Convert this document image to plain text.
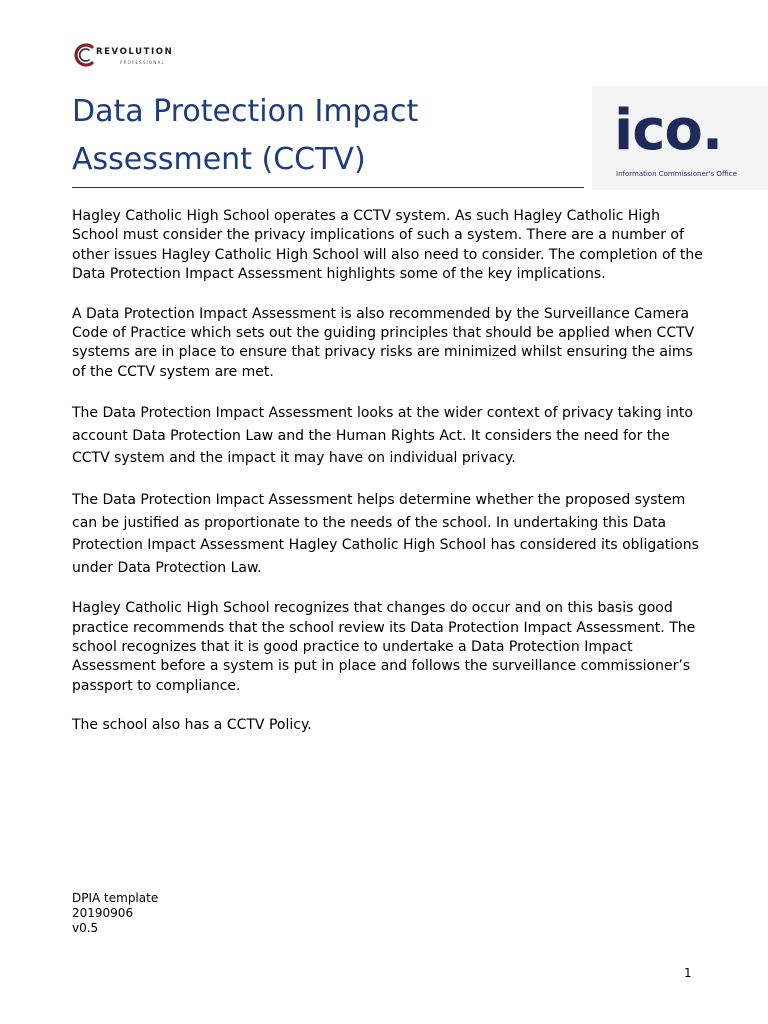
REVOLUTION
PROFESSIONAL
Data Protection Impact Assessment (CCTV)	ico.
Information Commissioner's Office

Hagley Catholic High School operates a CCTV system. As such Hagley Catholic High School must consider the privacy implications of such a system. There are a number of other issues Hagley Catholic High School will also need to consider. The completion of the Data Protection Impact Assessment highlights some of the key implications.

A Data Protection Impact Assessment is also recommended by the Surveillance Camera Code of Practice which sets out the guiding principles that should be applied when CCTV systems are in place to ensure that privacy risks are minimized whilst ensuring the aims of the CCTV system are met.

The Data Protection Impact Assessment looks at the wider context of privacy taking into account Data Protection Law and the Human Rights Act. It considers the need for the CCTV system and the impact it may have on individual privacy.

The Data Protection Impact Assessment helps determine whether the proposed system can be justified as proportionate to the needs of the school. In undertaking this Data Protection Impact Assessment Hagley Catholic High School has considered its obligations under Data Protection Law.

Hagley Catholic High School recognizes that changes do occur and on this basis good practice recommends that the school review its Data Protection Impact Assessment. The school recognizes that it is good practice to undertake a Data Protection Impact Assessment before a system is put in place and follows the surveillance commissioner’s passport to compliance.

The school also has a CCTV Policy.

DPIA template
20190906
v0.5
1
